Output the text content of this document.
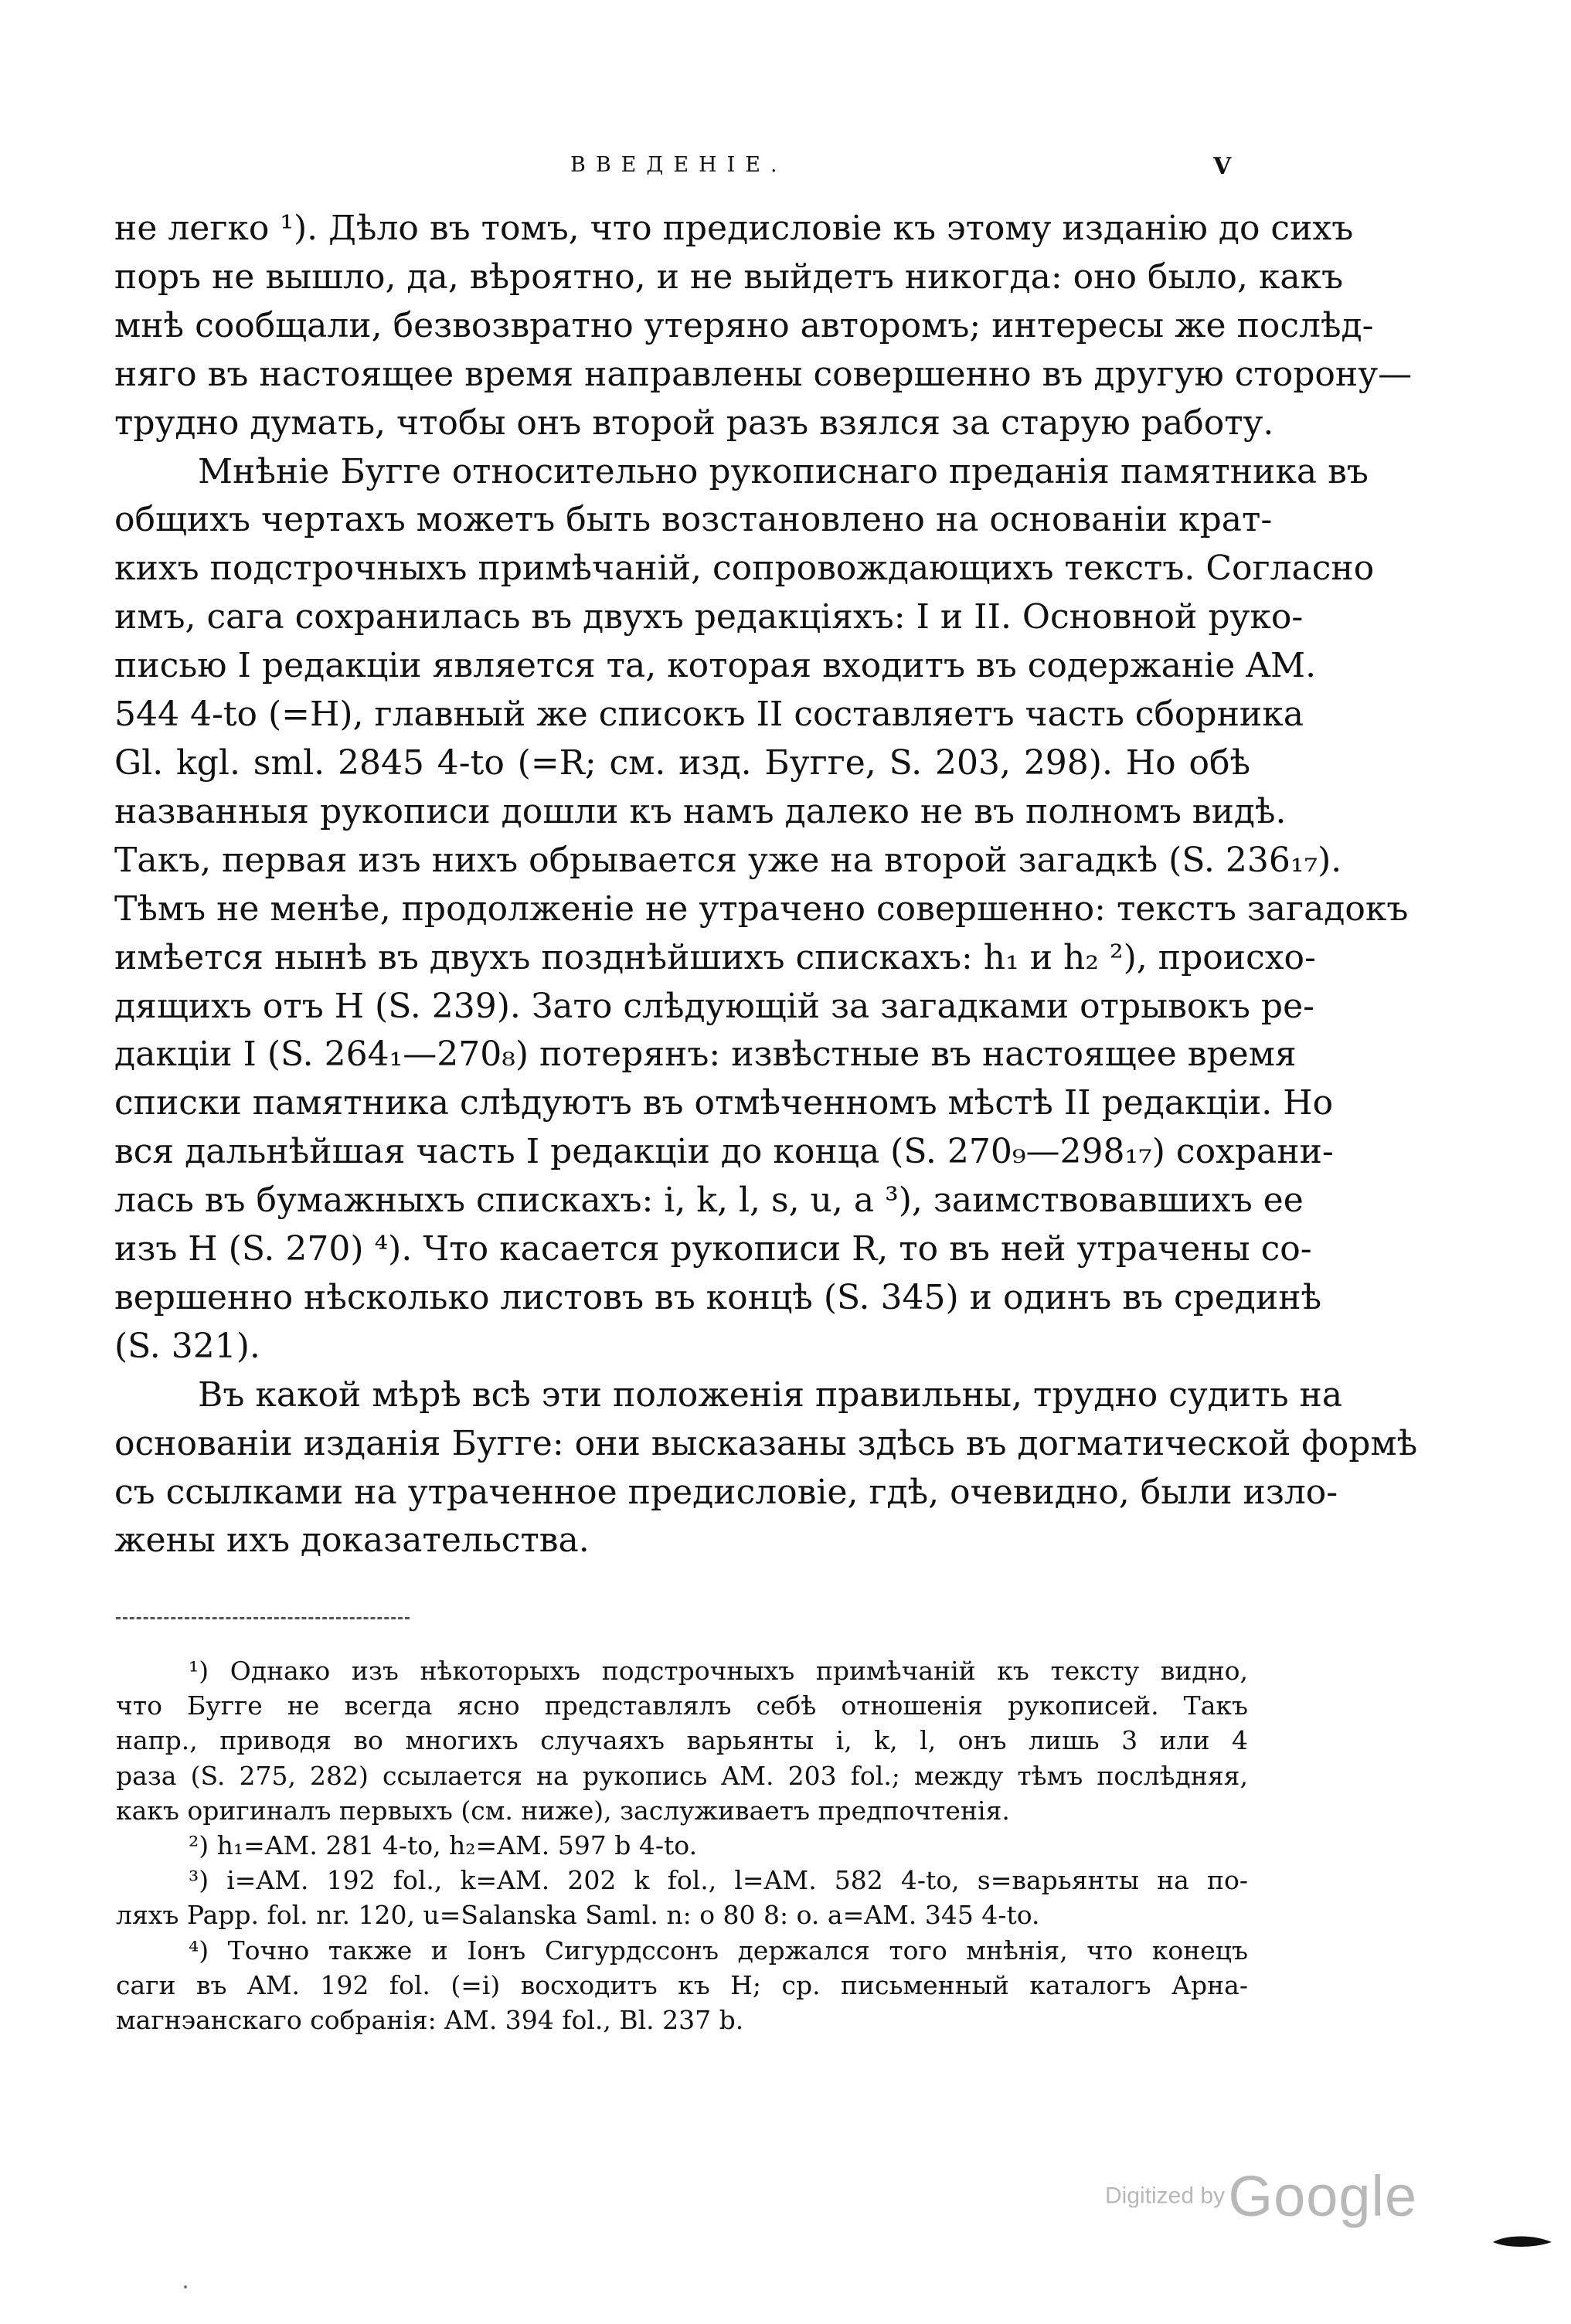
ВВЕДЕНІЕ.	V

не легко ¹). Дѣло въ томъ, что предисловіе къ этому изданію до сихъ
поръ не вышло, да, вѣроятно, и не выйдетъ никогда: оно было, какъ
мнѣ сообщали, безвозвратно утеряно авторомъ; интересы же послѣд-
няго въ настоящее время направлены совершенно въ другую сторону—
трудно думать, чтобы онъ второй разъ взялся за старую работу.

Мнѣніе Бугге относительно рукописнаго преданія памятника въ
общихъ чертахъ можетъ быть возстановлено на основаніи крат-
кихъ подстрочныхъ примѣчаній, сопровождающихъ текстъ. Согласно
имъ, сага сохранилась въ двухъ редакціяхъ: I и II. Основной руко-
писью I редакціи является та, которая входитъ въ содержаніе AM.
544 4-to (=H), главный же списокъ II составляетъ часть сборника
Gl. kgl. sml. 2845 4-to (=R; см. изд. Бугге, S. 203, 298). Но обѣ
названныя рукописи дошли къ намъ далеко не въ полномъ видѣ.
Такъ, первая изъ нихъ обрывается уже на второй загадкѣ (S. 236₁₇).
Тѣмъ не менѣе, продолженіе не утрачено совершенно: текстъ загадокъ
имѣется нынѣ въ двухъ позднѣйшихъ спискахъ: h₁ и h₂ ²), происхо-
дящихъ отъ H (S. 239). Зато слѣдующій за загадками отрывокъ ре-
дакціи I (S. 264₁—270₈) потерянъ: извѣстные въ настоящее время
списки памятника слѣдуютъ въ отмѣченномъ мѣстѣ II редакціи. Но
вся дальнѣйшая часть I редакціи до конца (S. 270₉—298₁₇) сохрани-
лась въ бумажныхъ спискахъ: i, k, l, s, u, a ³), заимствовавшихъ ее
изъ H (S. 270) ⁴). Что касается рукописи R, то въ ней утрачены со-
вершенно нѣсколько листовъ въ концѣ (S. 345) и одинъ въ срединѣ
(S. 321).

Въ какой мѣрѣ всѣ эти положенія правильны, трудно судить на
основаніи изданія Бугге: они высказаны здѣсь въ догматической формѣ
съ ссылками на утраченное предисловіе, гдѣ, очевидно, были изло-
жены ихъ доказательства.

¹) Однако изъ нѣкоторыхъ подстрочныхъ примѣчаній къ тексту видно,
что Бугге не всегда ясно представлялъ себѣ отношенія рукописей. Такъ
напр., приводя во многихъ случаяхъ варьянты i, k, l, онъ лишь 3 или 4
раза (S. 275, 282) ссылается на рукопись AM. 203 fol.; между тѣмъ послѣдняя,
какъ оригиналъ первыхъ (см. ниже), заслуживаетъ предпочтенія.
²) h₁=AM. 281 4-to, h₂=AM. 597 b 4-to.
³) i=AM. 192 fol., k=AM. 202 k fol., l=AM. 582 4-to, s=варьянты на по-
ляхъ Papp. fol. nr. 120, u=Salanska Saml. n: o 80 8: o. a=AM. 345 4-to.
⁴) Точно также и Іонъ Сигурдссонъ держался того мнѣнія, что конецъ
саги въ AM. 192 fol. (=i) восходитъ къ H; ср. письменный каталогъ Арна-
магнэанскаго собранія: AM. 394 fol., Bl. 237 b.
Digitized by Google
